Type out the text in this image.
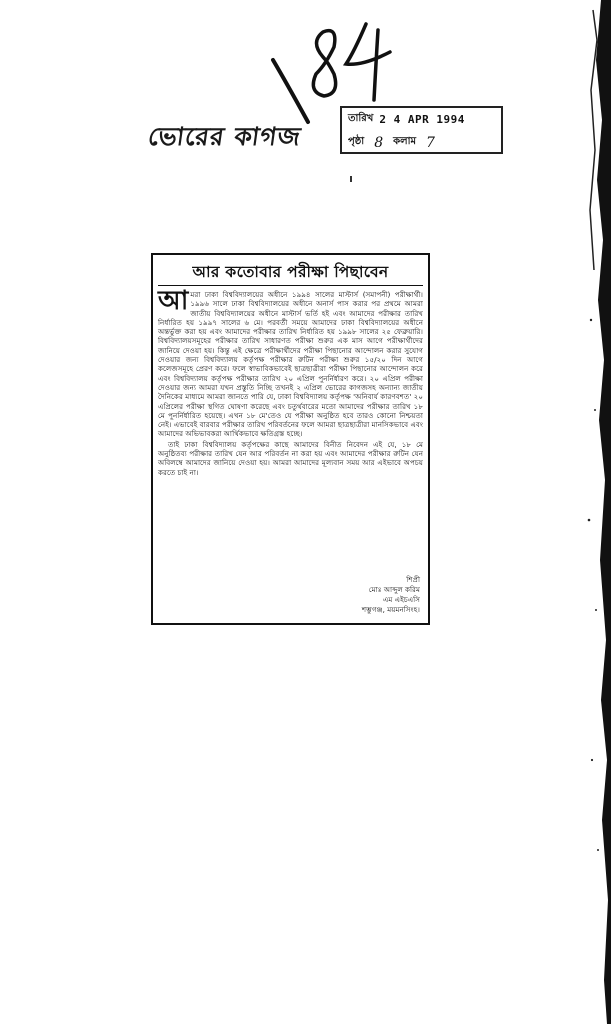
ভোরের কাগজ
তারিখ 2 4 APR 1994
পৃষ্ঠা 8 কলাম 7
আর কতোবার পরীক্ষা পিছাবেন

আমরা ঢাকা বিশ্ববিদ্যালয়ের অধীনে ১৯৯৪ সালের মাস্টার্স (সমাপনী) পরীক্ষার্থী। ১৯৯৬ সালে ঢাকা বিশ্ববিদ্যালয়ের অধীনে অনার্স পাস করার পর প্রথমে আমরা জাতীয় বিশ্ববিদ্যালয়ের অধীনে মাস্টার্স ভর্তি হই এবং আমাদের পরীক্ষার তারিখ নির্ধারিত হয় ১৯৯৭ সালের ৬ মে। পরবর্তী সময়ে আমাদের ঢাকা বিশ্ববিদ্যালয়ের অধীনে অন্তর্ভুক্ত করা হয় এবং আমাদের পরীক্ষার তারিখ নির্ধারিত হয় ১৯৯৮ সালের ২৫ ফেব্রুয়ারি। বিশ্ববিদ্যালয়সমূহের পরীক্ষার তারিখ সাধারণত পরীক্ষা শুরুর এক মাস আগে পরীক্ষার্থীদের জানিয়ে দেওয়া হয়। কিন্তু এই ক্ষেত্রে পরীক্ষার্থীদের পরীক্ষা পিছানোর আন্দোলন করার সুযোগ দেওয়ার জন্য বিশ্ববিদ্যালয় কর্তৃপক্ষ পরীক্ষার রুটিন পরীক্ষা শুরুর ১৫/২০ দিন আগে কলেজসমূহে প্রেরণ করে। ফলে স্বাভাবিকভাবেই ছাত্রছাত্রীরা পরীক্ষা পিছানোর আন্দোলন করে এবং বিশ্ববিদ্যালয় কর্তৃপক্ষ পরীক্ষার তারিখ ২০ এপ্রিল পুনর্নির্ধারণ করে। ২০ এপ্রিল পরীক্ষা দেওয়ার জন্য আমরা যখন প্রস্তুতি নিচ্ছি তখনই ২ এপ্রিল ভোরের কাগজসহ অন্যান্য জাতীয় দৈনিকের মাধ্যমে আমরা জানতে পারি যে, ঢাকা বিশ্ববিদ্যালয় কর্তৃপক্ষ 'অনিবার্য কারণবশত' ২০ এপ্রিলের পরীক্ষা স্থগিত ঘোষণা করেছে এবং চতুর্থবারের মতো আমাদের পরীক্ষার তারিখ ১৮ মে পুনর্নির্ধারিত হয়েছে। এখন ১৮ মে'তেও যে পরীক্ষা অনুষ্ঠিত হবে তারও কোনো নিশ্চয়তা নেই। এভাবেই বারবার পরীক্ষার তারিখ পরিবর্তনের ফলে আমরা ছাত্রছাত্রীরা মানসিকভাবে এবং আমাদের অভিভাবকরা আর্থিকভাবে ক্ষতিগ্রস্ত হচ্ছে।

তাই ঢাকা বিশ্ববিদ্যালয় কর্তৃপক্ষের কাছে আমাদের বিনীত নিবেদন এই যে, ১৮ মে অনুষ্ঠিতব্য পরীক্ষার তারিখ যেন আর পরিবর্তন না করা হয় এবং আমাদের পরীক্ষার রুটিন যেন অবিলম্বে আমাদের জানিয়ে দেওয়া হয়। আমরা আমাদের মূল্যবান সময় আর এইভাবে অপচয় করতে চাই না।

শিপ্রী
মোঃ আব্দুল করিম
এম এইচএসি
শম্ভুগঞ্জ, ময়মনসিংহ।
